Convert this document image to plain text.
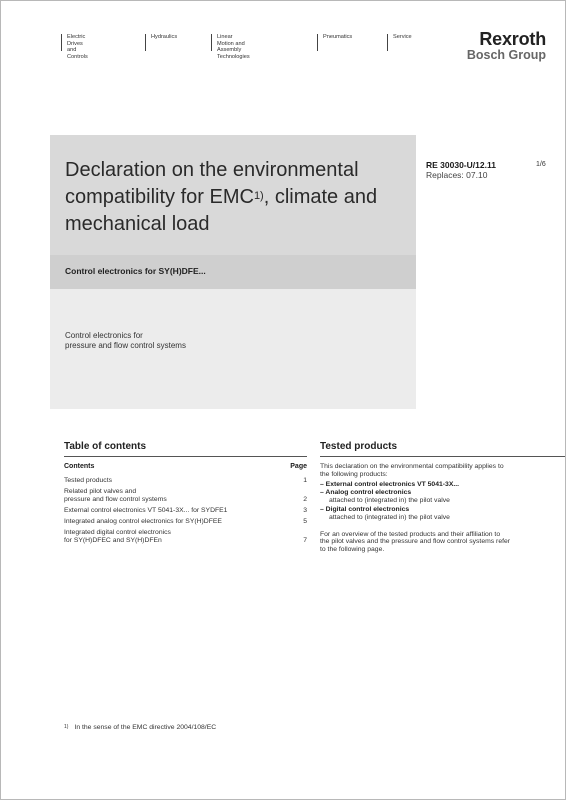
Electric Drives
and Controls
Hydraulics	Linear Motion and
Assembly Technologies
Pneumatics	Service	Rexroth
Bosch Group
Declaration on the environmental compatibility for EMC$^{1)}$, climate and mechanical load
Control electronics for SY(H)DFE...
Control electronics for
pressure and flow control systems
RE 30030-U/12.11
Replaces: 07.10
1/6
Table of contents
Contents	Page
Tested products	1
Related pilot valves and
pressure and flow control systems	2
External control electronics VT 5041-3X... for SYDFE1	3
Integrated analog control electronics for SY(H)DFEE	5
Integrated digital control electronics
for SY(H)DFEC and SY(H)DFEn	7
Tested products
This declaration on the environmental compatibility applies to
the following products:
– External control electronics VT 5041-3X...
– Analog control electronics
attached to (integrated in) the pilot valve
– Digital control electronics
attached to (integrated in) the pilot valve
For an overview of the tested products and their affiliation to
the pilot valves and the pressure and flow control systems refer
to the following page.
$^{1)}$ In the sense of the EMC directive 2004/108/EC
